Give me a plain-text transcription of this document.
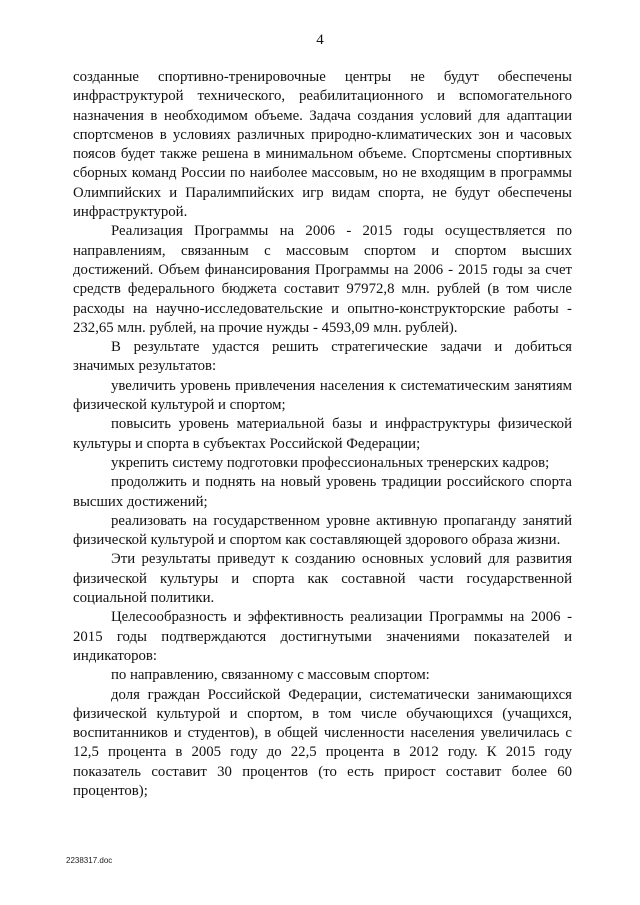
4

созданные спортивно-тренировочные центры не будут обеспечены инфраструктурой технического, реабилитационного и вспомогательного назначения в необходимом объеме. Задача создания условий для адаптации спортсменов в условиях различных природно-климатических зон и часовых поясов будет также решена в минимальном объеме. Спортсмены спортивных сборных команд России по наиболее массовым, но не входящим в программы Олимпийских и Паралимпийских игр видам спорта, не будут обеспечены инфраструктурой.

Реализация Программы на 2006 - 2015 годы осуществляется по направлениям, связанным с массовым спортом и спортом высших достижений. Объем финансирования Программы на 2006 - 2015 годы за счет средств федерального бюджета составит 97972,8 млн. рублей (в том числе расходы на научно-исследовательские и опытно-конструкторские работы - 232,65 млн. рублей, на прочие нужды - 4593,09 млн. рублей).

В результате удастся решить стратегические задачи и добиться значимых результатов:

увеличить уровень привлечения населения к систематическим занятиям физической культурой и спортом;

повысить уровень материальной базы и инфраструктуры физической культуры и спорта в субъектах Российской Федерации;

укрепить систему подготовки профессиональных тренерских кадров;

продолжить и поднять на новый уровень традиции российского спорта высших достижений;

реализовать на государственном уровне активную пропаганду занятий физической культурой и спортом как составляющей здорового образа жизни.

Эти результаты приведут к созданию основных условий для развития физической культуры и спорта как составной части государственной социальной политики.

Целесообразность и эффективность реализации Программы на 2006 - 2015 годы подтверждаются достигнутыми значениями показателей и индикаторов:

по направлению, связанному с массовым спортом:

доля граждан Российской Федерации, систематически занимающихся физической культурой и спортом, в том числе обучающихся (учащихся, воспитанников и студентов), в общей численности населения увеличилась с 12,5 процента в 2005 году до 22,5 процента в 2012 году. К 2015 году показатель составит 30 процентов (то есть прирост составит более 60 процентов);

2238317.doc
